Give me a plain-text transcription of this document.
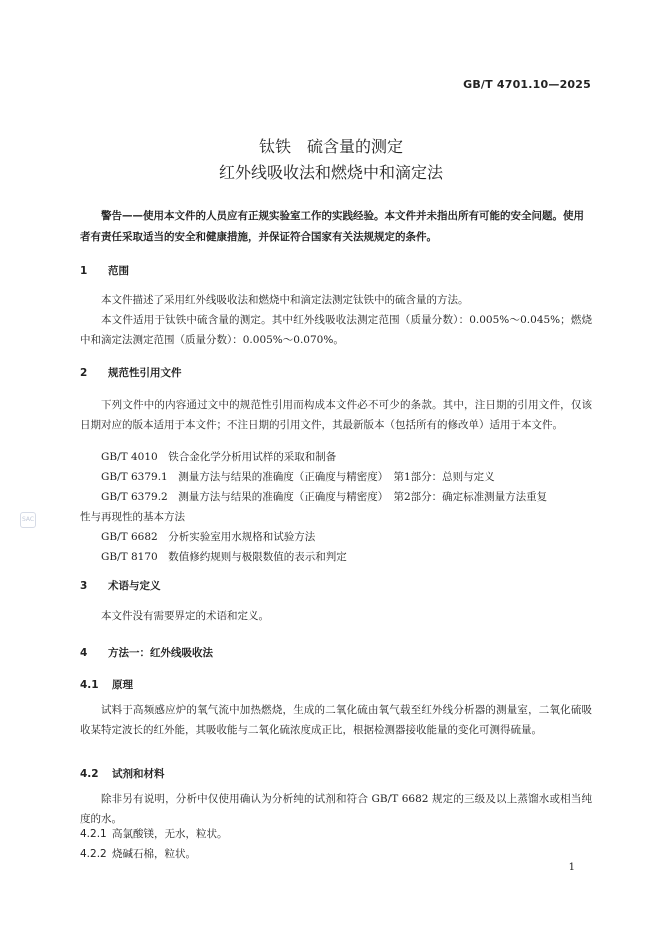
GB/T 4701.10—2025
钛铁　硫含量的测定
红外线吸收法和燃烧中和滴定法
警告——使用本文件的人员应有正规实验室工作的实践经验。本文件并未指出所有可能的安全问题。使用者有责任采取适当的安全和健康措施，并保证符合国家有关法规规定的条件。
1 范围
本文件描述了采用红外线吸收法和燃烧中和滴定法测定钛铁中的硫含量的方法。
本文件适用于钛铁中硫含量的测定。其中红外线吸收法测定范围（质量分数）：0.005%～0.045%；燃烧中和滴定法测定范围（质量分数）：0.005%～0.070%。
2 规范性引用文件
下列文件中的内容通过文中的规范性引用而构成本文件必不可少的条款。其中，注日期的引用文件，仅该日期对应的版本适用于本文件；不注日期的引用文件，其最新版本（包括所有的修改单）适用于本文件。
GB/T 4010　铁合金化学分析用试样的采取和制备
GB/T 6379.1　测量方法与结果的准确度（正确度与精密度）　第1部分：总则与定义
GB/T 6379.2　测量方法与结果的准确度（正确度与精密度）　第2部分：确定标准测量方法重复
性与再现性的基本方法
GB/T 6682　分析实验室用水规格和试验方法
GB/T 8170　数值修约规则与极限数值的表示和判定
SAC
3 术语与定义
本文件没有需要界定的术语和定义。
4 方法一：红外线吸收法
4.1 原理
试料于高频感应炉的氧气流中加热燃烧，生成的二氧化硫由氧气载至红外线分析器的测量室，二氧化硫吸收某特定波长的红外能，其吸收能与二氧化硫浓度成正比，根据检测器接收能量的变化可测得硫量。
4.2 试剂和材料
除非另有说明，分析中仅使用确认为分析纯的试剂和符合 GB/T 6682 规定的三级及以上蒸馏水或相当纯度的水。
4.2.1 高氯酸镁，无水，粒状。
4.2.2 烧碱石棉，粒状。
1
